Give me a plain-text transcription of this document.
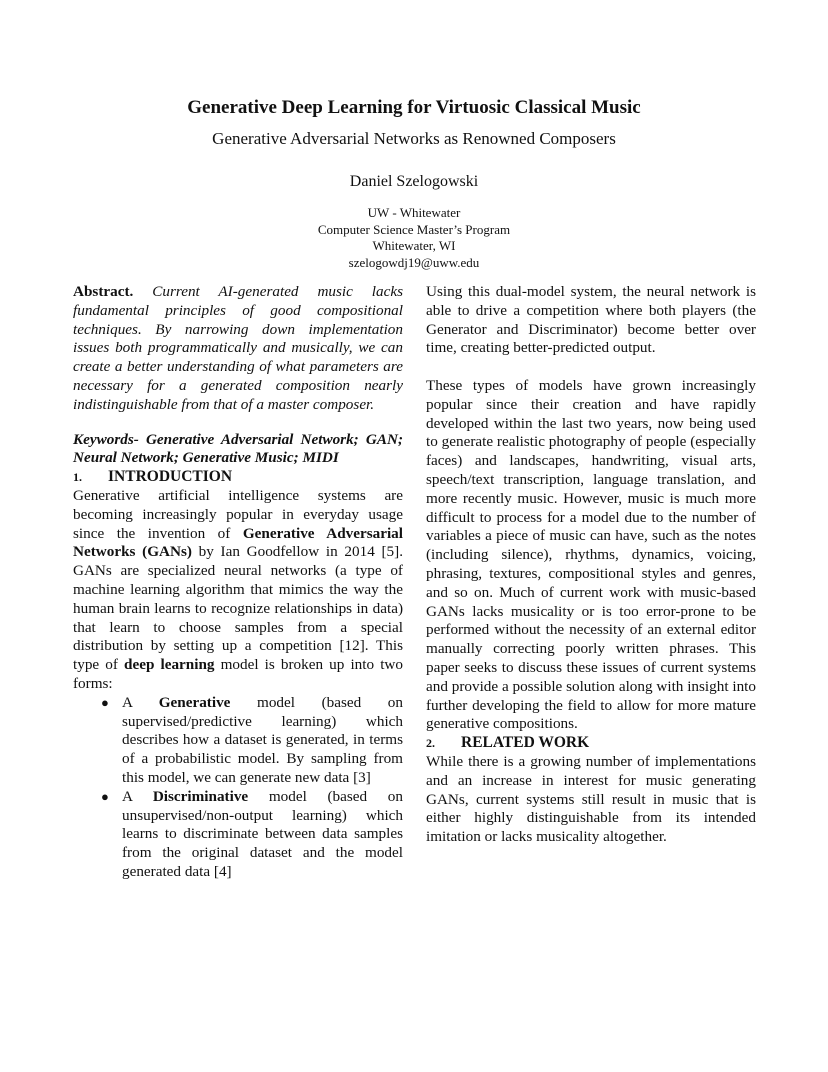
Generative Deep Learning for Virtuosic Classical Music
Generative Adversarial Networks as Renowned Composers
Daniel Szelogowski
UW - Whitewater
Computer Science Master’s Program
Whitewater, WI
szelogowdj19@uww.edu

Abstract. Current AI-generated music lacks fundamental principles of good compositional techniques. By narrowing down implementation issues both programmatically and musically, we can create a better understanding of what parameters are necessary for a generated composition nearly indistinguishable from that of a master composer.

Keywords- Generative Adversarial Network; GAN; Neural Network; Generative Music; MIDI

1. INTRODUCTION

Generative artificial intelligence systems are becoming increasingly popular in everyday usage since the invention of Generative Adversarial Networks (GANs) by Ian Goodfellow in 2014 [5]. GANs are specialized neural networks (a type of machine learning algorithm that mimics the way the human brain learns to recognize relationships in data) that learn to choose samples from a special distribution by setting up a competition [12]. This type of deep learning model is broken up into two forms:

● A Generative model (based on supervised/predictive learning) which describes how a dataset is generated, in terms of a probabilistic model. By sampling from this model, we can generate new data [3]
● A Discriminative model (based on unsupervised/non-output learning) which learns to discriminate between data samples from the original dataset and the model generated data [4]

Using this dual-model system, the neural network is able to drive a competition where both players (the Generator and Discriminator) become better over time, creating better-predicted output.

These types of models have grown increasingly popular since their creation and have rapidly developed within the last two years, now being used to generate realistic photography of people (especially faces) and landscapes, handwriting, visual arts, speech/text transcription, language translation, and more recently music. However, music is much more difficult to process for a model due to the number of variables a piece of music can have, such as the notes (including silence), rhythms, dynamics, voicing, phrasing, textures, compositional styles and genres, and so on. Much of current work with music-based GANs lacks musicality or is too error-prone to be performed without the necessity of an external editor manually correcting poorly written phrases. This paper seeks to discuss these issues of current systems and provide a possible solution along with insight into further developing the field to allow for more mature generative compositions.

2. RELATED WORK

While there is a growing number of implementations and an increase in interest for music generating GANs, current systems still result in music that is either highly distinguishable from its intended imitation or lacks musicality altogether.
